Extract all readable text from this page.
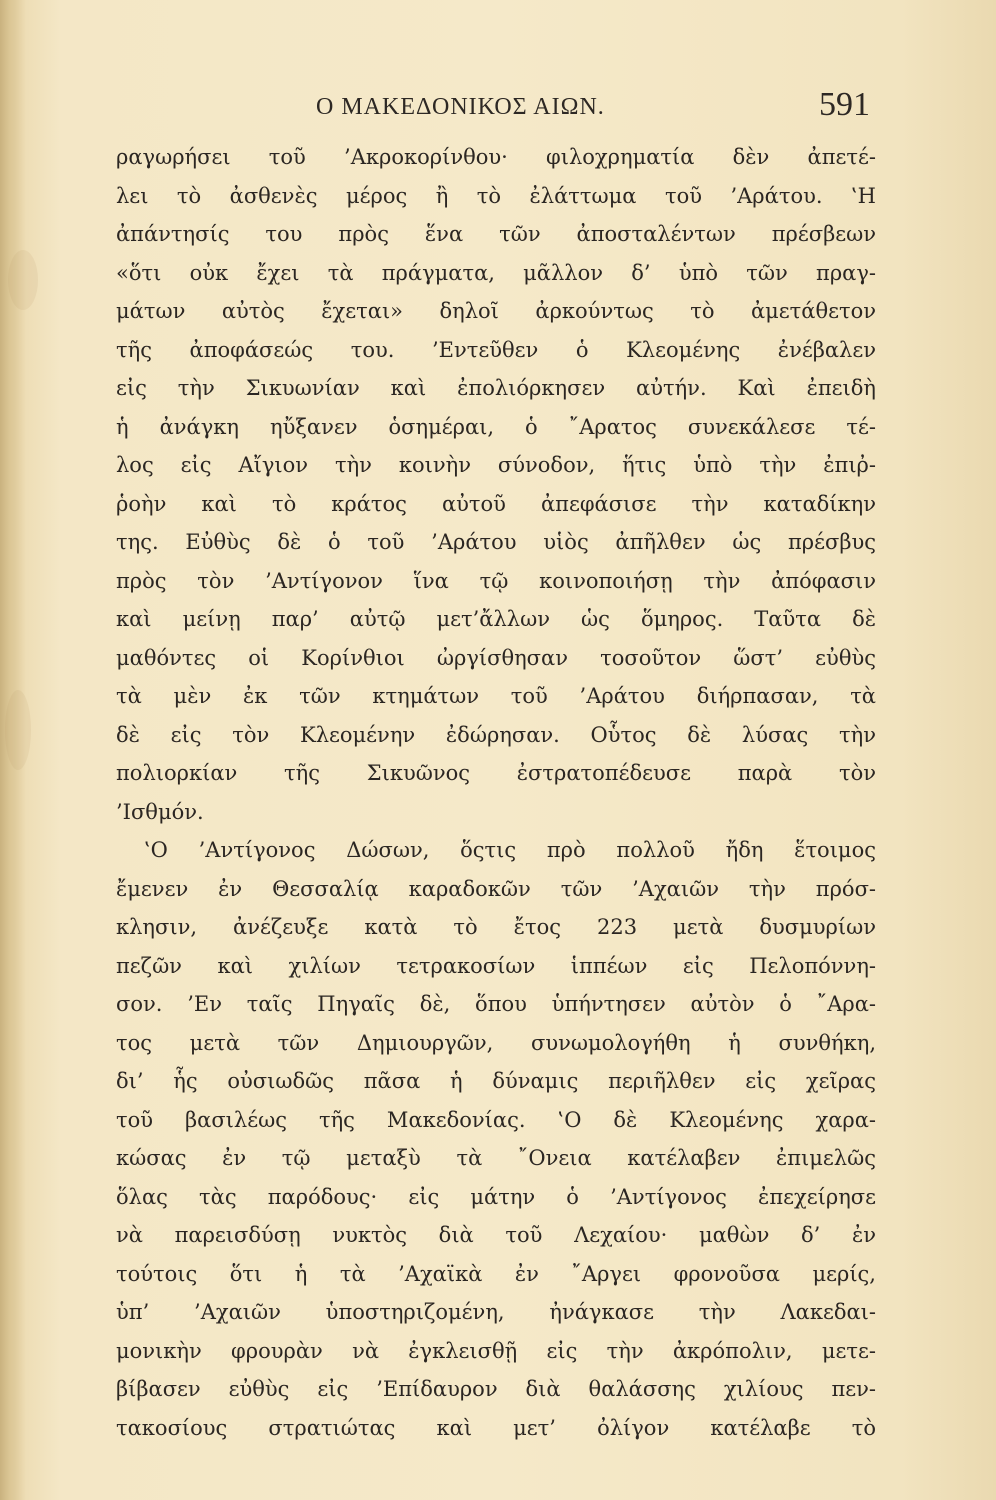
Ο ΜΑΚΕΔΟΝΙΚΟΣ ΑΙΩΝ.	591
ραγωρήσει τοῦ ’Ακροκορίνθου· φιλοχρηματία δὲν ἀπετέ-
λει τὸ ἀσθενὲς μέρος ἢ τὸ ἐλάττωμα τοῦ ’Αράτου. ‛Η
ἀπάντησίς του πρὸς ἕνα τῶν ἀποσταλέντων πρέσβεων
«ὅτι οὐκ ἔχει τὰ πράγματα, μᾶλλον δ’ ὑπὸ τῶν πραγ-
μάτων αὐτὸς ἔχεται» δηλοῖ ἀρκούντως τὸ ἀμετάθετον
τῆς ἀποφάσεώς του. ’Εντεῦθεν ὁ Κλεομένης ἐνέβαλεν
εἰς τὴν Σικυωνίαν καὶ ἐπολιόρκησεν αὐτήν. Καὶ ἐπειδὴ
ἡ ἀνάγκη ηὔξανεν ὁσημέραι, ὁ ῎Αρατος συνεκάλεσε τέ-
λος εἰς Αἴγιον τὴν κοινὴν σύνοδον, ἥτις ὑπὸ τὴν ἐπιῤ-
ῥοὴν καὶ τὸ κράτος αὐτοῦ ἀπεφάσισε τὴν καταδίκην
της. Εὐθὺς δὲ ὁ τοῦ ’Αράτου υἱὸς ἀπῆλθεν ὡς πρέσβυς
πρὸς τὸν ’Αντίγονον ἵνα τῷ κοινοποιήσῃ τὴν ἀπόφασιν
καὶ μείνῃ παρ’ αὐτῷ μετ’ἄλλων ὡς ὅμηρος. Ταῦτα δὲ
μαθόντες οἱ Κορίνθιοι ὠργίσθησαν τοσοῦτον ὥστ’ εὐθὺς
τὰ μὲν ἐκ τῶν κτημάτων τοῦ ’Αράτου διήρπασαν, τὰ
δὲ εἰς τὸν Κλεομένην ἐδώρησαν. Οὗτος δὲ λύσας τὴν
πολιορκίαν τῆς Σικυῶνος ἐστρατοπέδευσε παρὰ τὸν
’Ισθμόν.
‛Ο ’Αντίγονος Δώσων, ὅςτις πρὸ πολλοῦ ἤδη ἕτοιμος
ἔμενεν ἐν Θεσσαλίᾳ καραδοκῶν τῶν ’Αχαιῶν τὴν πρόσ-
κλησιν, ἀνέζευξε κατὰ τὸ ἔτος 223 μετὰ δυσμυρίων
πεζῶν καὶ χιλίων τετρακοσίων ἱππέων εἰς Πελοπόννη-
σον. ’Εν ταῖς Πηγαῖς δὲ, ὅπου ὑπήντησεν αὐτὸν ὁ ῎Αρα-
τος μετὰ τῶν Δημιουργῶν, συνωμολογήθη ἡ συνθήκη,
δι’ ἧς οὐσιωδῶς πᾶσα ἡ δύναμις περιῆλθεν εἰς χεῖρας
τοῦ βασιλέως τῆς Μακεδονίας. ‛Ο δὲ Κλεομένης χαρα-
κώσας ἐν τῷ μεταξὺ τὰ ῎Ονεια κατέλαβεν ἐπιμελῶς
ὅλας τὰς παρόδους· εἰς μάτην ὁ ’Αντίγονος ἐπεχείρησε
νὰ παρεισδύσῃ νυκτὸς διὰ τοῦ Λεχαίου· μαθὼν δ’ ἐν
τούτοις ὅτι ἡ τὰ ’Αχαϊκὰ ἐν ῎Αργει φρονοῦσα μερίς,
ὑπ’ ’Αχαιῶν ὑποστηριζομένη, ἠνάγκασε τὴν Λακεδαι-
μονικὴν φρουρὰν νὰ ἐγκλεισθῇ εἰς τὴν ἀκρόπολιν, μετε-
βίβασεν εὐθὺς εἰς ’Επίδαυρον διὰ θαλάσσης χιλίους πεν-
τακοσίους στρατιώτας καὶ μετ’ ὀλίγον κατέλαβε τὸ
